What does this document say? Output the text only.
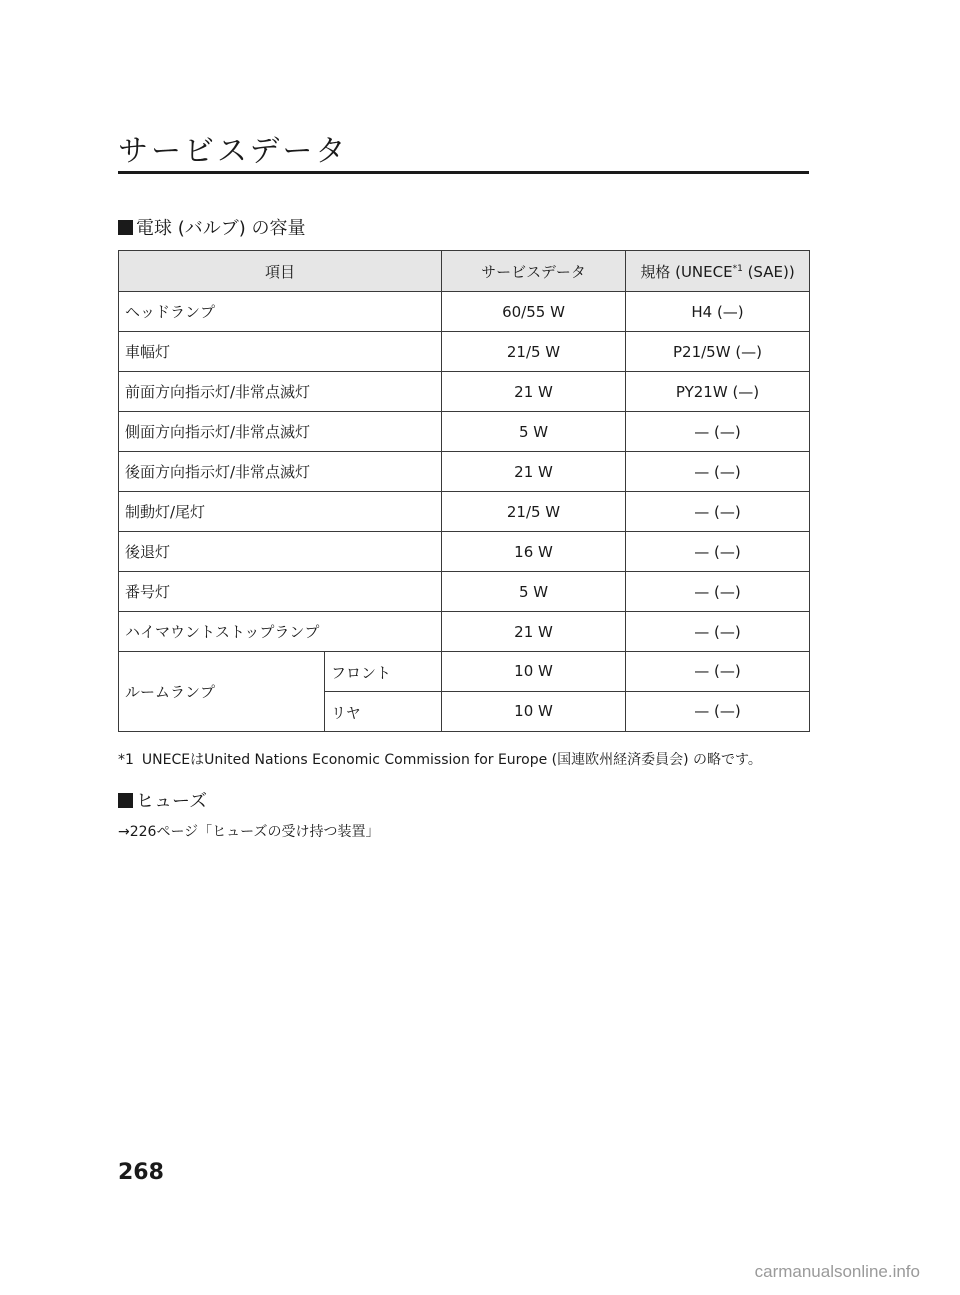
サービスデータ
電球 (バルブ) の容量
項目		サービスデータ	規格 (UNECE$^{*1}$ (SAE))
ヘッドランプ		60/55 W	H4 (—)
車幅灯		21/5 W	P21/5W (—)
前面方向指示灯/非常点滅灯		21 W	PY21W (—)
側面方向指示灯/非常点滅灯		5 W	— (—)
後面方向指示灯/非常点滅灯		21 W	— (—)
制動灯/尾灯		21/5 W	— (—)
後退灯		16 W	— (—)
番号灯		5 W	— (—)
ハイマウントストップランプ		21 W	— (—)
ルームランプ	フロント	10 W	— (—)
	リヤ	10 W	— (—)

*1 UNECEはUnited Nations Economic Commission for Europe (国連欧州経済委員会) の略です。

ヒューズ

→226ページ「ヒューズの受け持つ装置」

268
carmanualsonline.info
